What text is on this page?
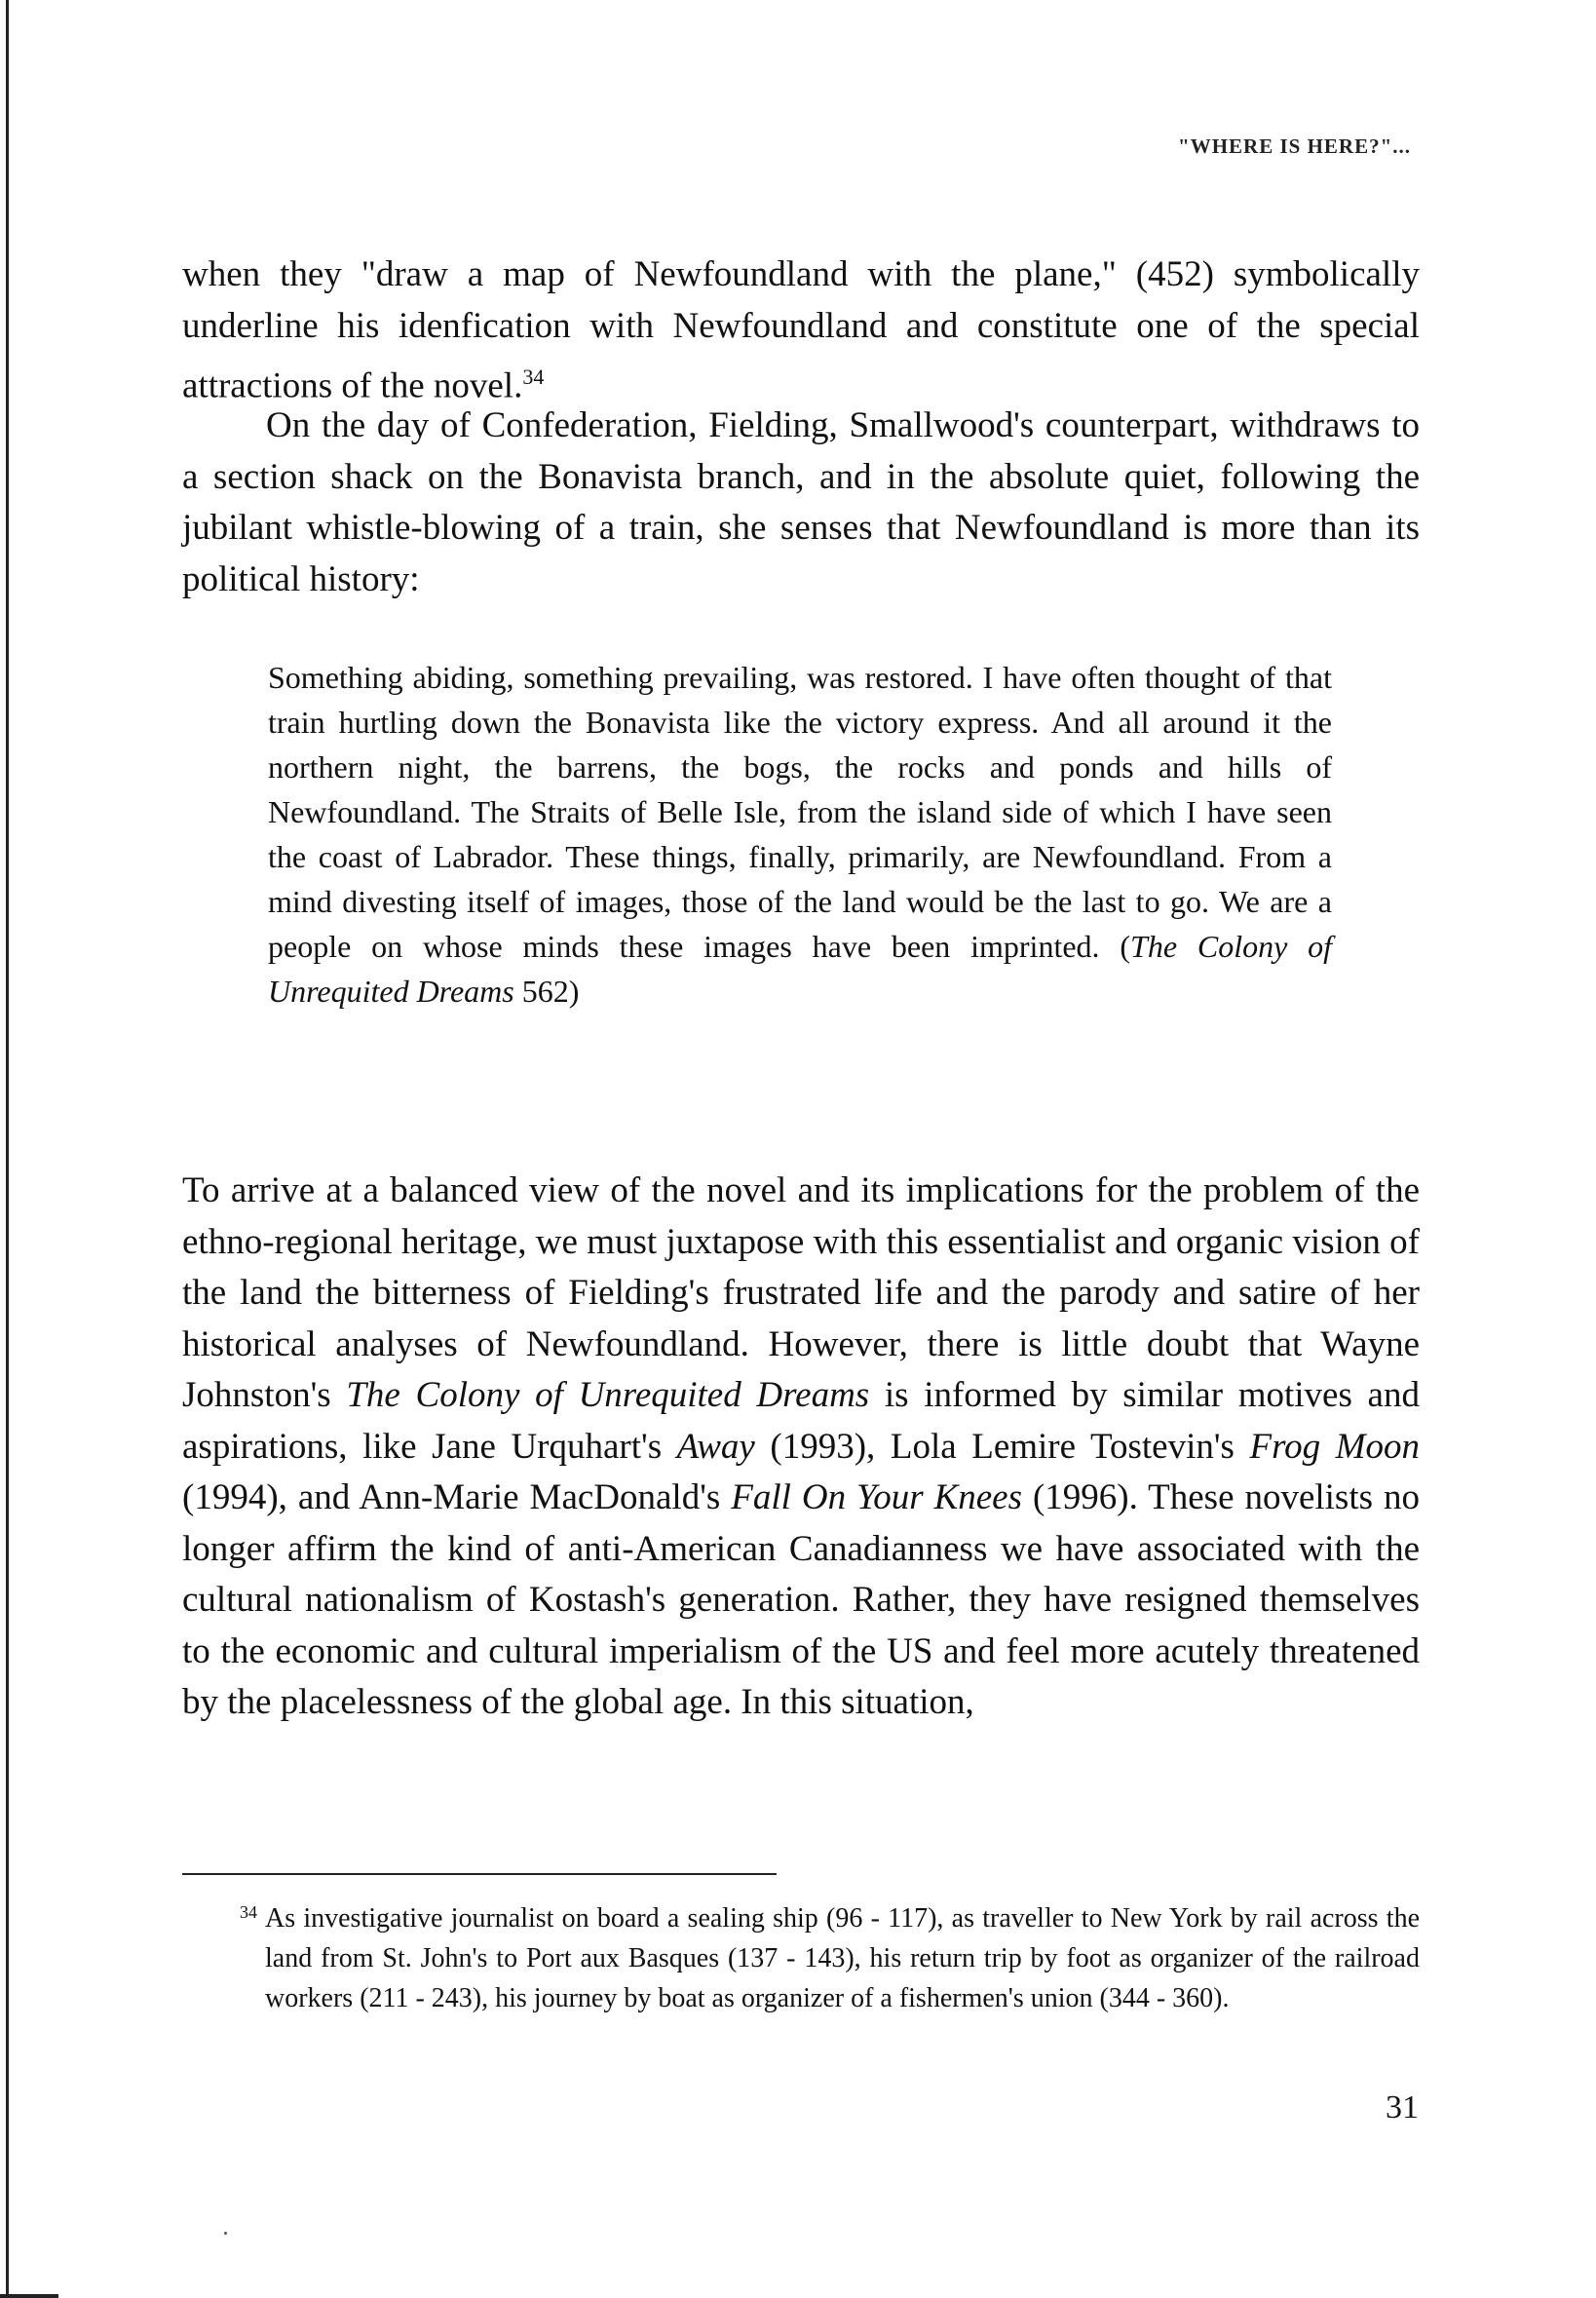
"WHERE IS HERE?"...

when they "draw a map of Newfoundland with the plane," (452) symbolically underline his idenfication with Newfoundland and constitute one of the special attractions of the novel.$^{34}$

On the day of Confederation, Fielding, Smallwood's counterpart, withdraws to a section shack on the Bonavista branch, and in the absolute quiet, following the jubilant whistle-blowing of a train, she senses that Newfoundland is more than its political history:

Something abiding, something prevailing, was restored. I have often thought of that train hurtling down the Bonavista like the victory express. And all around it the northern night, the barrens, the bogs, the rocks and ponds and hills of Newfoundland. The Straits of Belle Isle, from the island side of which I have seen the coast of Labrador. These things, finally, primarily, are Newfoundland. From a mind divesting itself of images, those of the land would be the last to go. We are a people on whose minds these images have been imprinted. (The Colony of Unrequited Dreams 562)

To arrive at a balanced view of the novel and its implications for the problem of the ethno-regional heritage, we must juxtapose with this essentialist and organic vision of the land the bitterness of Fielding's frustrated life and the parody and satire of her historical analyses of Newfoundland. However, there is little doubt that Wayne Johnston's The Colony of Unrequited Dreams is informed by similar motives and aspirations, like Jane Urquhart's Away (1993), Lola Lemire Tostevin's Frog Moon (1994), and Ann-Marie MacDonald's Fall On Your Knees (1996). These novelists no longer affirm the kind of anti-American Canadianness we have associated with the cultural nationalism of Kostash's generation. Rather, they have resigned themselves to the economic and cultural imperialism of the US and feel more acutely threatened by the placelessness of the global age. In this situation,

34 As investigative journalist on board a sealing ship (96 - 117), as traveller to New York by rail across the land from St. John's to Port aux Basques (137 - 143), his return trip by foot as organizer of the railroad workers (211 - 243), his journey by boat as organizer of a fishermen's union (344 - 360).

31
